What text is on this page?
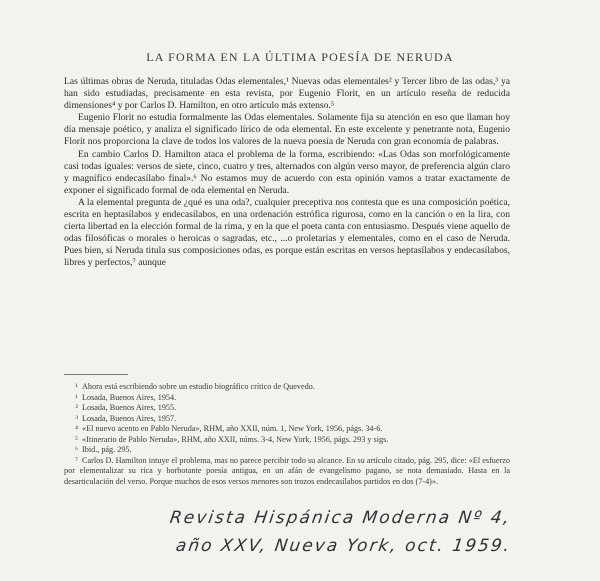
LA FORMA EN LA ÚLTIMA POESÍA DE NERUDA

Las últimas obras de Neruda, tituladas Odas elementales,¹ Nuevas odas elementales² y Tercer libro de las odas,³ ya han sido estudiadas, precisamente en esta revista, por Eugenio Florit, en un artículo reseña de reducida dimensiones⁴ y por Carlos D. Hamilton, en otro artículo más extenso.⁵

Eugenio Florit no estudia formalmente las Odas elementales. Solamente fija su atención en eso que llaman hoy día mensaje poético, y analiza el significado lírico de oda elemental. En este excelente y penetrante nota, Eugenio Florit nos proporciona la clave de todos los valores de la nueva poesía de Neruda con gran economía de palabras.

En cambio Carlos D. Hamilton ataca el problema de la forma, escribiendo: «Las Odas son morfológicamente casi todas iguales: versos de siete, cinco, cuatro y tres, alternados con algún verso mayor, de preferencia algún claro y magnífico endecasílabo final».⁶ No estamos muy de acuerdo con esta opinión vamos a tratar exactamente de exponer el significado formal de oda elemental en Neruda.

A la elemental pregunta de ¿qué es una oda?, cualquier preceptiva nos contesta que es una composición poética, escrita en heptasílabos y endecasílabos, en una ordenación estrófica rigurosa, como en la canción o en la lira, con cierta libertad en la elección formal de la rima, y en la que el poeta canta con entusiasmo. Después viene aquello de odas filosóficas o morales o heroicas o sagradas, etc., ...o proletarias y elementales, como en el caso de Neruda. Pues bien, si Neruda titula sus composiciones odas, es porque están escritas en versos heptasílabos y endecasílabos, libres y perfectos,⁷ aunque

¹ Ahora está escribiendo sobre un estudio biográfico crítico de Quevedo.

¹ Losada, Buenos Aires, 1954.

² Losada, Buenos Aires, 1955.

³ Losada, Buenos Aires, 1957.

⁴ «El nuevo acento en Pablo Neruda», RHM, año XXII, núm. 1, New York, 1956, págs. 34-6.

⁵ «Itinerario de Pablo Neruda», RHM, año XXII, núms. 3-4, New York, 1956, págs. 293 y sigs.

⁶ Ibid., pág. 295.

⁷ Carlos D. Hamilton intuye el problema, mas no parece percibir todo su alcance. En su artículo citado, pág. 295, dice: «El esfuerzo por elementalizar su rica y borbotante poesía antigua, en un afán de evangelismo pagano, se nota demasiado. Hasta en la desarticulación del verso. Porque muchos de esos versos menores son trozos endecasílabos partidos en dos (7-4)».

Revista Hispánica Moderna Nº 4,
año XXV, Nueva York, oct. 1959.
